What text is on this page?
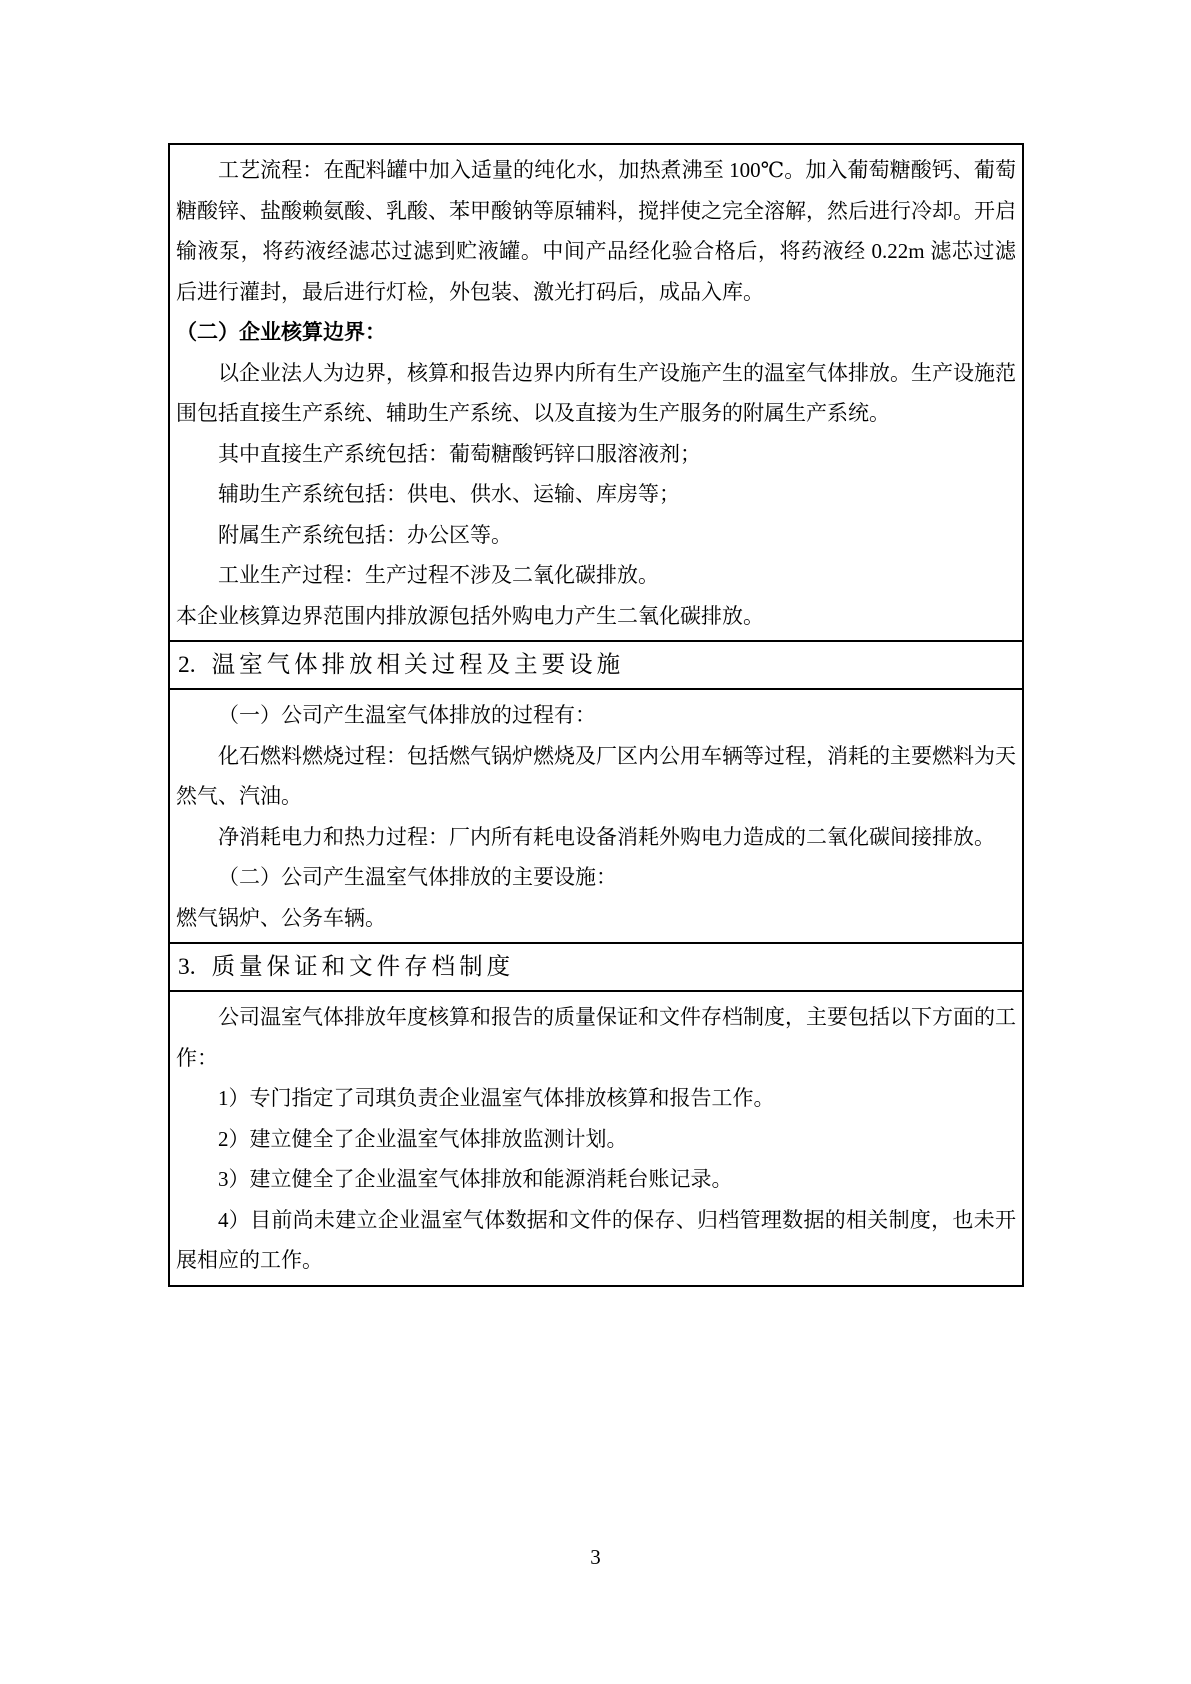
工艺流程：在配料罐中加入适量的纯化水，加热煮沸至 100℃。加入葡萄糖酸钙、葡萄糖酸锌、盐酸赖氨酸、乳酸、苯甲酸钠等原辅料，搅拌使之完全溶解，然后进行冷却。开启输液泵，将药液经滤芯过滤到贮液罐。中间产品经化验合格后，将药液经 0.22m 滤芯过滤后进行灌封，最后进行灯检，外包装、激光打码后，成品入库。

（二）企业核算边界：

以企业法人为边界，核算和报告边界内所有生产设施产生的温室气体排放。生产设施范围包括直接生产系统、辅助生产系统、以及直接为生产服务的附属生产系统。

其中直接生产系统包括：葡萄糖酸钙锌口服溶液剂；

辅助生产系统包括：供电、供水、运输、库房等；

附属生产系统包括：办公区等。

工业生产过程：生产过程不涉及二氧化碳排放。

本企业核算边界范围内排放源包括外购电力产生二氧化碳排放。

2. 温室气体排放相关过程及主要设施

（一）公司产生温室气体排放的过程有：

化石燃料燃烧过程：包括燃气锅炉燃烧及厂区内公用车辆等过程，消耗的主要燃料为天然气、汽油。

净消耗电力和热力过程：厂内所有耗电设备消耗外购电力造成的二氧化碳间接排放。

（二）公司产生温室气体排放的主要设施：

燃气锅炉、公务车辆。

3. 质量保证和文件存档制度

公司温室气体排放年度核算和报告的质量保证和文件存档制度，主要包括以下方面的工作：

1）专门指定了司琪负责企业温室气体排放核算和报告工作。

2）建立健全了企业温室气体排放监测计划。

3）建立健全了企业温室气体排放和能源消耗台账记录。

4）目前尚未建立企业温室气体数据和文件的保存、归档管理数据的相关制度，也未开展相应的工作。

3
